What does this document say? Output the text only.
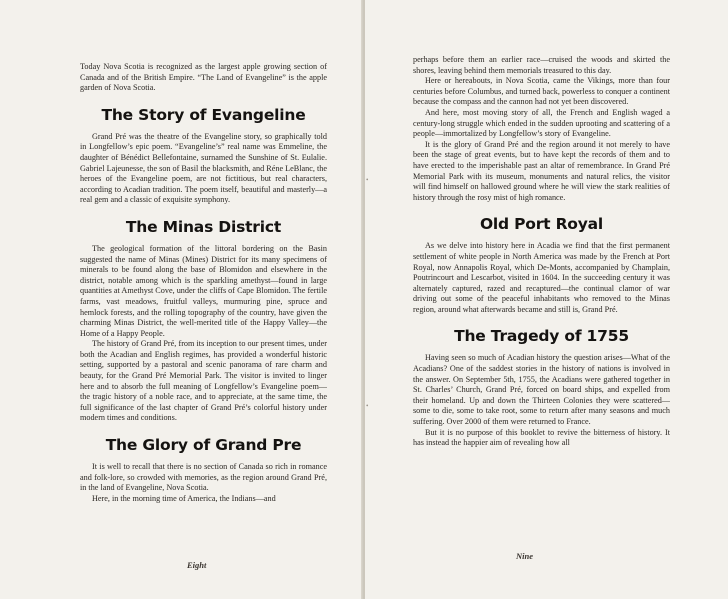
Today Nova Scotia is recognized as the largest apple growing section of Canada and of the British Empire. “The Land of Evangeline” is the apple garden of Nova Scotia.

The Story of Evangeline

Grand Pré was the theatre of the Evangeline story, so graphically told in Longfellow’s epic poem. “Evangeline’s” real name was Emmeline, the daughter of Bénédict Bellefontaine, surnamed the Sunshine of St. Eulalie. Gabriel Lajeunesse, the son of Basil the blacksmith, and Réne LeBlanc, the heroes of the Evangeline poem, are not fictitious, but real characters, according to Acadian tradition. The poem itself, beautiful and masterly—a real gem and a classic of exquisite symphony.

The Minas District

The geological formation of the littoral bordering on the Basin suggested the name of Minas (Mines) District for its many specimens of minerals to be found along the base of Blomidon and elsewhere in the district, notable among which is the sparkling amethyst—found in large quantities at Amethyst Cove, under the cliffs of Cape Blomidon. The fertile farms, vast meadows, fruitful valleys, murmuring pine, spruce and hemlock forests, and the rolling topography of the country, have given the charming Minas District, the well-merited title of the Happy Valley—the Home of a Happy People.

The history of Grand Pré, from its inception to our present times, under both the Acadian and English regimes, has provided a wonderful historic setting, supported by a pastoral and scenic panorama of rare charm and beauty, for the Grand Pré Memorial Park. The visitor is invited to linger here and to absorb the full meaning of Longfellow’s Evangeline poem—the tragic history of a noble race, and to appreciate, at the same time, the full significance of the last chapter of Grand Pré’s colorful history under modern times and conditions.

The Glory of Grand Pre

It is well to recall that there is no section of Canada so rich in romance and folk-lore, so crowded with memories, as the region around Grand Pré, in the land of Evangeline, Nova Scotia.

Here, in the morning time of America, the Indians—and

perhaps before them an earlier race—cruised the woods and skirted the shores, leaving behind them memorials treasured to this day.

Here or hereabouts, in Nova Scotia, came the Vikings, more than four centuries before Columbus, and turned back, powerless to conquer a continent because the compass and the cannon had not yet been discovered.

And here, most moving story of all, the French and English waged a century-long struggle which ended in the sudden uprooting and scattering of a people—immortalized by Longfellow’s story of Evangeline.

It is the glory of Grand Pré and the region around it not merely to have been the stage of great events, but to have kept the records of them and to have erected to the imperishable past an altar of remembrance. In Grand Pré Memorial Park with its museum, monuments and natural relics, the visitor will find himself on hallowed ground where he will view the stark realities of history through the rosy mist of high romance.

Old Port Royal

As we delve into history here in Acadia we find that the first permanent settlement of white people in North America was made by the French at Port Royal, now Annapolis Royal, which De-Monts, accompanied by Champlain, Poutrincourt and Lescarbot, visited in 1604. In the succeeding century it was alternately captured, razed and recaptured—the continual clamor of war driving out some of the peaceful inhabitants who removed to the Minas region, around what afterwards became and still is, Grand Pré.

The Tragedy of 1755

Having seen so much of Acadian history the question arises—What of the Acadians? One of the saddest stories in the history of nations is involved in the answer. On September 5th, 1755, the Acadians were gathered together in St. Charles’ Church, Grand Pré, forced on board ships, and expelled from their homeland. Up and down the Thirteen Colonies they were scattered—some to die, some to take root, some to return after many seasons and much suffering. Over 2000 of them were returned to France.

But it is no purpose of this booklet to revive the bitterness of history. It has instead the happier aim of revealing how all

Eight
Nine
•
•
